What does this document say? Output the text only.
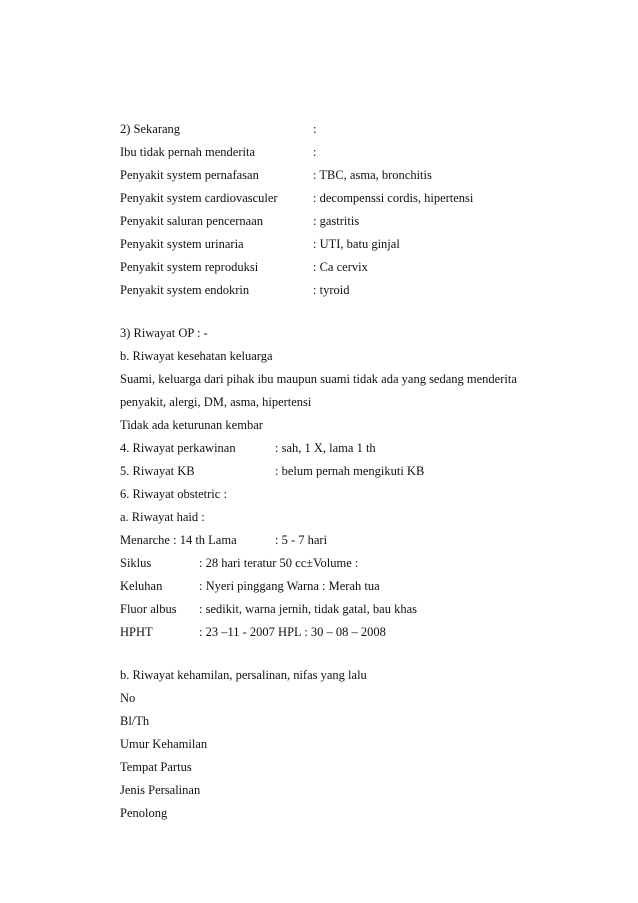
2) Sekarang	:
Ibu tidak pernah menderita	:
Penyakit system pernafasan	: TBC, asma, bronchitis
Penyakit system cardiovasculer	: decompenssi cordis, hipertensi
Penyakit saluran pencernaan	: gastritis
Penyakit system urinaria	: UTI, batu ginjal
Penyakit system reproduksi	: Ca cervix
Penyakit system endokrin	: tyroid
3) Riwayat OP : -
b. Riwayat kesehatan keluarga
Suami, keluarga dari pihak ibu maupun suami tidak ada yang sedang menderita
penyakit, alergi, DM, asma, hipertensi
Tidak ada keturunan kembar
4. Riwayat perkawinan	: sah, 1 X, lama 1 th
5. Riwayat KB	: belum pernah mengikuti KB
6. Riwayat obstetric :
a. Riwayat haid :
Menarche : 14 th Lama	: 5 - 7 hari
Siklus	: 28 hari teratur 50 cc±Volume :
Keluhan	: Nyeri pinggang Warna : Merah tua
Fluor albus : sedikit, warna jernih, tidak gatal, bau khas
HPHT	: 23 –11 - 2007 HPL : 30 – 08 – 2008
b. Riwayat kehamilan, persalinan, nifas yang lalu
No
Bl/Th
Umur Kehamilan
Tempat Partus
Jenis Persalinan
Penolong
